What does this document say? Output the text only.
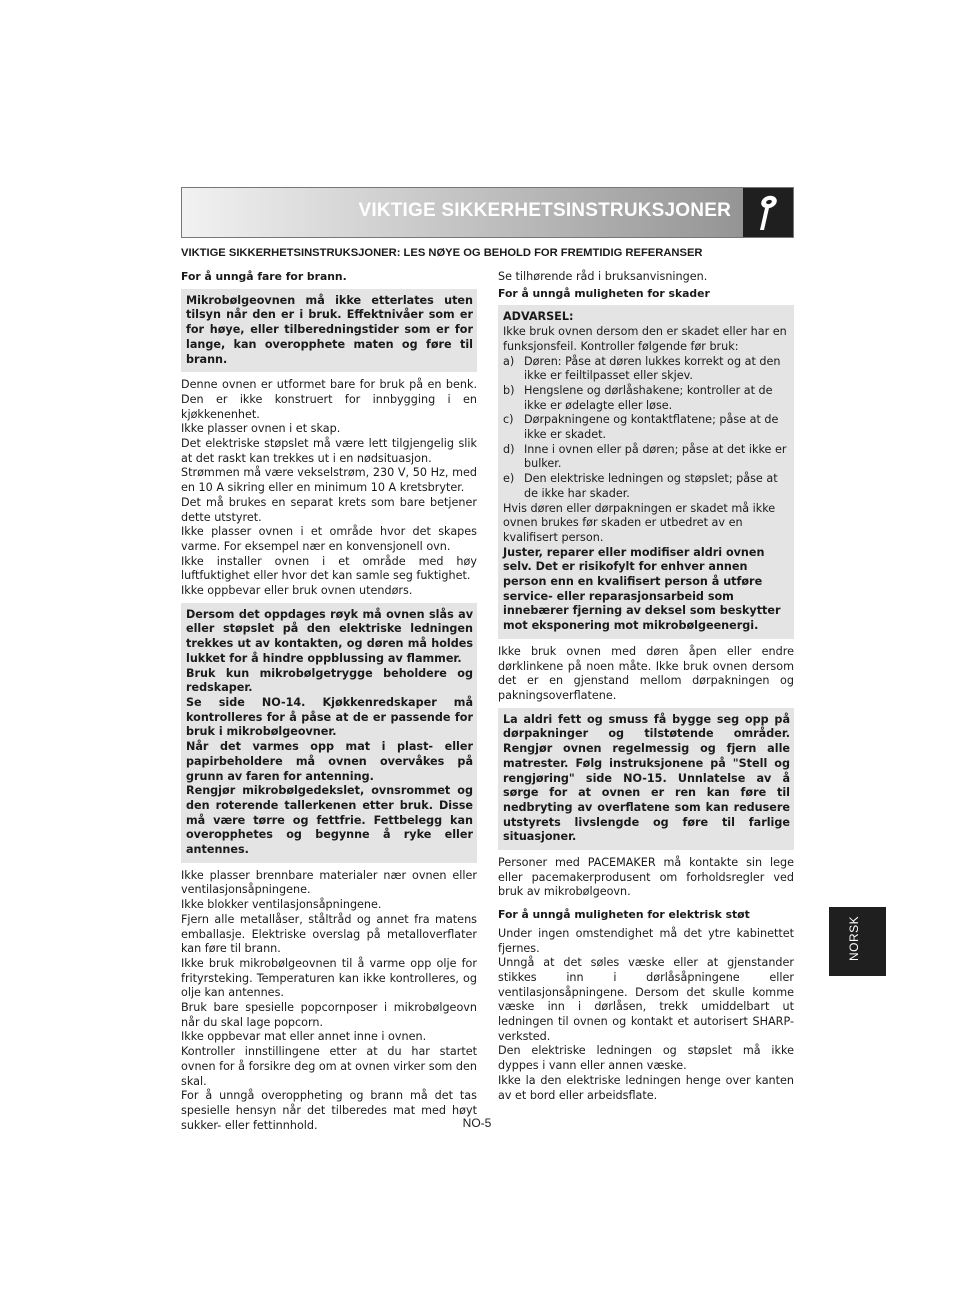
VIKTIGE SIKKERHETSINSTRUKSJONER
VIKTIGE SIKKERHETSINSTRUKSJONER: LES NØYE OG BEHOLD FOR FREMTIDIG REFERANSER

For å unngå fare for brann.

Mikrobølgeovnen må ikke etterlates uten tilsyn når den er i bruk. Effektnivåer som er for høye, eller tilberedningstider som er for lange, kan overopphete maten og føre til brann.

Denne ovnen er utformet bare for bruk på en benk. Den er ikke konstruert for innbygging i en kjøkkenenhet.

Ikke plasser ovnen i et skap.

Det elektriske støpslet må være lett tilgjengelig slik at det raskt kan trekkes ut i en nødsituasjon.

Strømmen må være vekselstrøm, 230 V, 50 Hz, med en 10 A sikring eller en minimum 10 A kretsbryter.

Det må brukes en separat krets som bare betjener dette utstyret.

Ikke plasser ovnen i et område hvor det skapes varme. For eksempel nær en konvensjonell ovn.

Ikke installer ovnen i et område med høy luftfuktighet eller hvor det kan samle seg fuktighet.

Ikke oppbevar eller bruk ovnen utendørs.

Dersom det oppdages røyk må ovnen slås av eller støpslet på den elektriske ledningen trekkes ut av kontakten, og døren må holdes lukket for å hindre oppblussing av flammer.

Bruk kun mikrobølgetrygge beholdere og redskaper.

Se side NO-14. Kjøkkenredskaper må kontrolleres for å påse at de er passende for bruk i mikrobølgeovner.

Når det varmes opp mat i plast- eller papirbeholdere må ovnen overvåkes på grunn av faren for antenning.

Rengjør mikrobølgedekslet, ovnsrommet og den roterende tallerkenen etter bruk. Disse må være tørre og fettfrie. Fettbelegg kan overopphetes og begynne å ryke eller antennes.

Ikke plasser brennbare materialer nær ovnen eller ventilasjonsåpningene.

Ikke blokker ventilasjonsåpningene.

Fjern alle metallåser, ståltråd og annet fra matens emballasje. Elektriske overslag på metalloverflater kan føre til brann.

Ikke bruk mikrobølgeovnen til å varme opp olje for frityrsteking. Temperaturen kan ikke kontrolleres, og olje kan antennes.

Bruk bare spesielle popcornposer i mikrobølgeovn når du skal lage popcorn.

Ikke oppbevar mat eller annet inne i ovnen.

Kontroller innstillingene etter at du har startet ovnen for å forsikre deg om at ovnen virker som den skal.

For å unngå overoppheting og brann må det tas spesielle hensyn når det tilberedes mat med høyt sukker- eller fettinnhold.

Se tilhørende råd i bruksanvisningen.

For å unngå muligheten for skader

ADVARSEL:

Ikke bruk ovnen dersom den er skadet eller har en funksjonsfeil. Kontroller følgende før bruk:

a) Døren: Påse at døren lukkes korrekt og at den ikke er feiltilpasset eller skjev.
b) Hengslene og dørlåshakene; kontroller at de ikke er ødelagte eller løse.
c) Dørpakningene og kontaktflatene; påse at de ikke er skadet.
d) Inne i ovnen eller på døren; påse at det ikke er bulker.
e) Den elektriske ledningen og støpslet; påse at de ikke har skader.

Hvis døren eller dørpakningen er skadet må ikke ovnen brukes før skaden er utbedret av en kvalifisert person.

Juster, reparer eller modifiser aldri ovnen selv. Det er risikofylt for enhver annen person enn en kvalifisert person å utføre service- eller reparasjonsarbeid som innebærer fjerning av deksel som beskytter mot eksponering mot mikrobølgeenergi.

Ikke bruk ovnen med døren åpen eller endre dørklinkene på noen måte. Ikke bruk ovnen dersom det er en gjenstand mellom dørpakningen og pakningsoverflatene.

La aldri fett og smuss få bygge seg opp på dørpakninger og tilstøtende områder. Rengjør ovnen regelmessig og fjern alle matrester. Følg instruksjonene på "Stell og rengjøring" side NO-15. Unnlatelse av å sørge for at ovnen er ren kan føre til nedbryting av overflatene som kan redusere utstyrets livslengde og føre til farlige situasjoner.

Personer med PACEMAKER må kontakte sin lege eller pacemakerprodusent om forholdsregler ved bruk av mikrobølgeovn.

For å unngå muligheten for elektrisk støt

Under ingen omstendighet må det ytre kabinettet fjernes.

Unngå at det søles væske eller at gjenstander stikkes inn i dørlåsåpningene eller ventilasjonsåpningene. Dersom det skulle komme væske inn i dørlåsen, trekk umiddelbart ut ledningen til ovnen og kontakt et autorisert SHARP-verksted.

Den elektriske ledningen og støpslet må ikke dyppes i vann eller annen væske.

Ikke la den elektriske ledningen henge over kanten av et bord eller arbeidsflate.

NORSK
NO-5
